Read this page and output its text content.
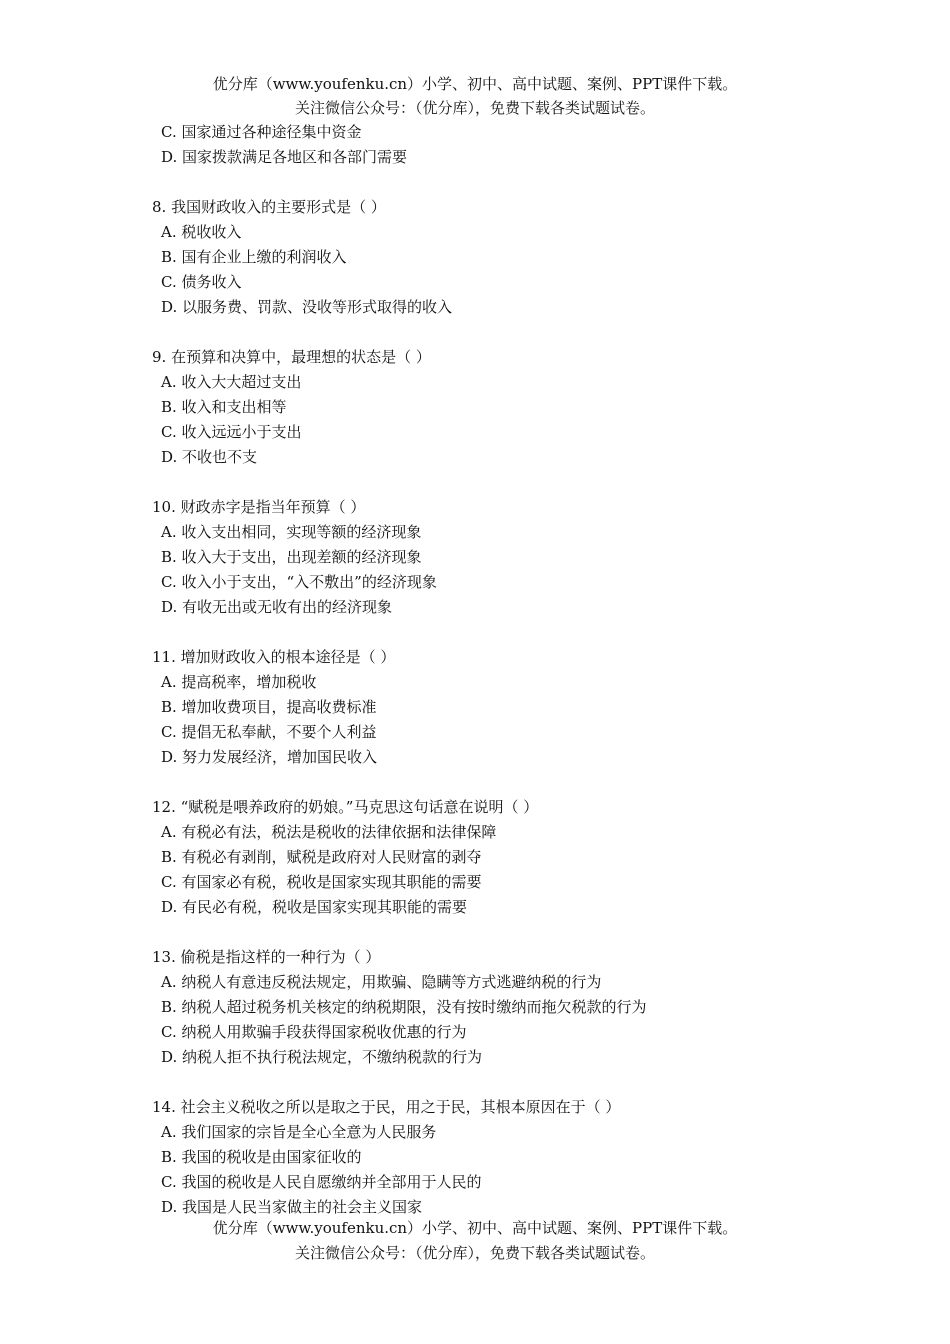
优分库（www.youfenku.cn）小学、初中、高中试题、案例、PPT课件下载。
关注微信公众号：（优分库），免费下载各类试题试卷。
C. 国家通过各种途径集中资金
D. 国家拨款满足各地区和各部门需要
8. 我国财政收入的主要形式是（ ）
A. 税收收入
B. 国有企业上缴的利润收入
C. 债务收入
D. 以服务费、罚款、没收等形式取得的收入
9. 在预算和决算中，最理想的状态是（ ）
A. 收入大大超过支出
B. 收入和支出相等
C. 收入远远小于支出
D. 不收也不支
10. 财政赤字是指当年预算（ ）
A. 收入支出相同，实现等额的经济现象
B. 收入大于支出，出现差额的经济现象
C. 收入小于支出，“入不敷出”的经济现象
D. 有收无出或无收有出的经济现象
11. 增加财政收入的根本途径是（ ）
A. 提高税率，增加税收
B. 增加收费项目，提高收费标准
C. 提倡无私奉献，不要个人利益
D. 努力发展经济，增加国民收入
12. “赋税是喂养政府的奶娘。”马克思这句话意在说明（ ）
A. 有税必有法，税法是税收的法律依据和法律保障
B. 有税必有剥削，赋税是政府对人民财富的剥夺
C. 有国家必有税，税收是国家实现其职能的需要
D. 有民必有税，税收是国家实现其职能的需要
13. 偷税是指这样的一种行为（ ）
A. 纳税人有意违反税法规定，用欺骗、隐瞒等方式逃避纳税的行为
B. 纳税人超过税务机关核定的纳税期限，没有按时缴纳而拖欠税款的行为
C. 纳税人用欺骗手段获得国家税收优惠的行为
D. 纳税人拒不执行税法规定，不缴纳税款的行为
14. 社会主义税收之所以是取之于民，用之于民，其根本原因在于（ ）
A. 我们国家的宗旨是全心全意为人民服务
B. 我国的税收是由国家征收的
C. 我国的税收是人民自愿缴纳并全部用于人民的
D. 我国是人民当家做主的社会主义国家
优分库（www.youfenku.cn）小学、初中、高中试题、案例、PPT课件下载。
关注微信公众号：（优分库），免费下载各类试题试卷。
